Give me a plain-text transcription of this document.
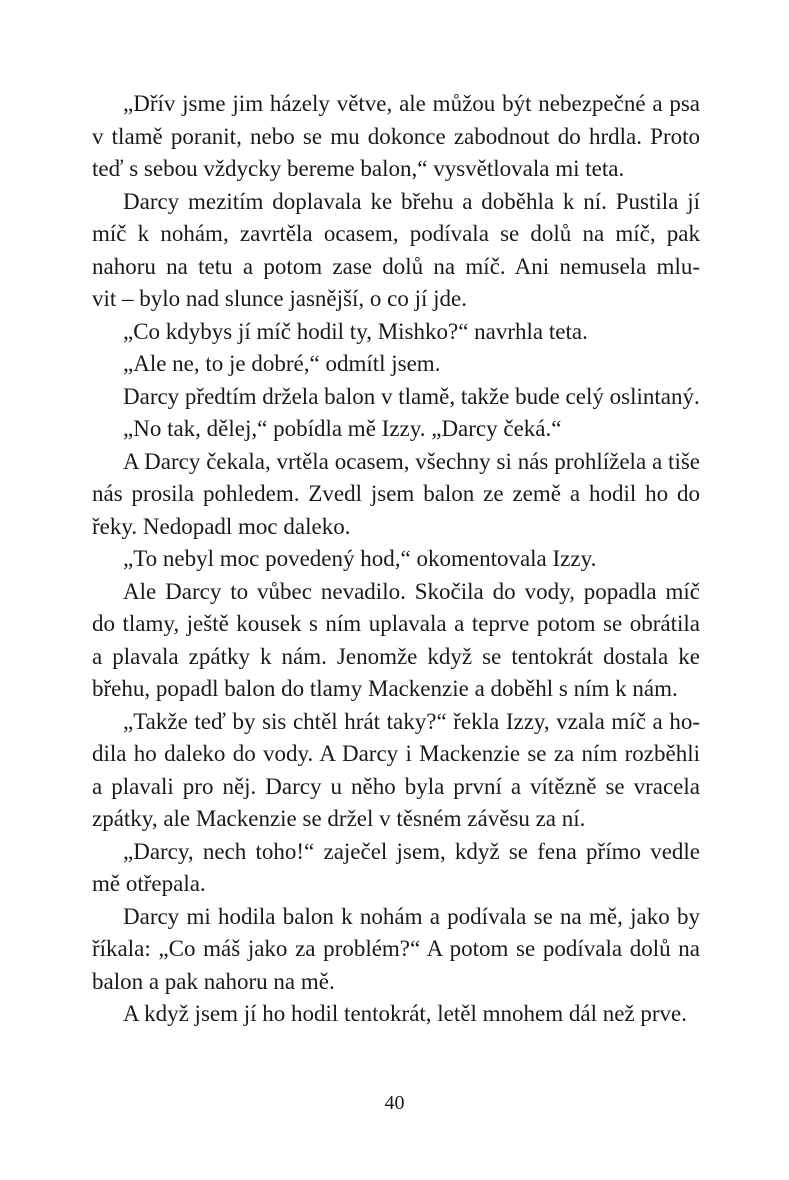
„Dřív jsme jim házely větve, ale můžou být nebezpečné a psa
v tlamě poranit, nebo se mu dokonce zabodnout do hrdla. Proto
teď s sebou vždycky bereme balon,“ vysvětlovala mi teta.
Darcy mezitím doplavala ke břehu a doběhla k ní. Pustila jí
míč k nohám, zavrtěla ocasem, podívala se dolů na míč, pak
nahoru na tetu a potom zase dolů na míč. Ani nemusela mlu-
vit – bylo nad slunce jasnější, o co jí jde.
„Co kdybys jí míč hodil ty, Mishko?“ navrhla teta.
„Ale ne, to je dobré,“ odmítl jsem.
Darcy předtím držela balon v tlamě, takže bude celý oslintaný.
„No tak, dělej,“ pobídla mě Izzy. „Darcy čeká.“
A Darcy čekala, vrtěla ocasem, všechny si nás prohlížela a tiše
nás prosila pohledem. Zvedl jsem balon ze země a hodil ho do
řeky. Nedopadl moc daleko.
„To nebyl moc povedený hod,“ okomentovala Izzy.
Ale Darcy to vůbec nevadilo. Skočila do vody, popadla míč
do tlamy, ještě kousek s ním uplavala a teprve potom se obrátila
a plavala zpátky k nám. Jenomže když se tentokrát dostala ke
břehu, popadl balon do tlamy Mackenzie a doběhl s ním k nám.
„Takže teď by sis chtěl hrát taky?“ řekla Izzy, vzala míč a ho-
dila ho daleko do vody. A Darcy i Mackenzie se za ním rozběhli
a plavali pro něj. Darcy u něho byla první a vítězně se vracela
zpátky, ale Mackenzie se držel v těsném závěsu za ní.
„Darcy, nech toho!“ zaječel jsem, když se fena přímo vedle
mě otřepala.
Darcy mi hodila balon k nohám a podívala se na mě, jako by
říkala: „Co máš jako za problém?“ A potom se podívala dolů na
balon a pak nahoru na mě.
A když jsem jí ho hodil tentokrát, letěl mnohem dál než prve.
40
